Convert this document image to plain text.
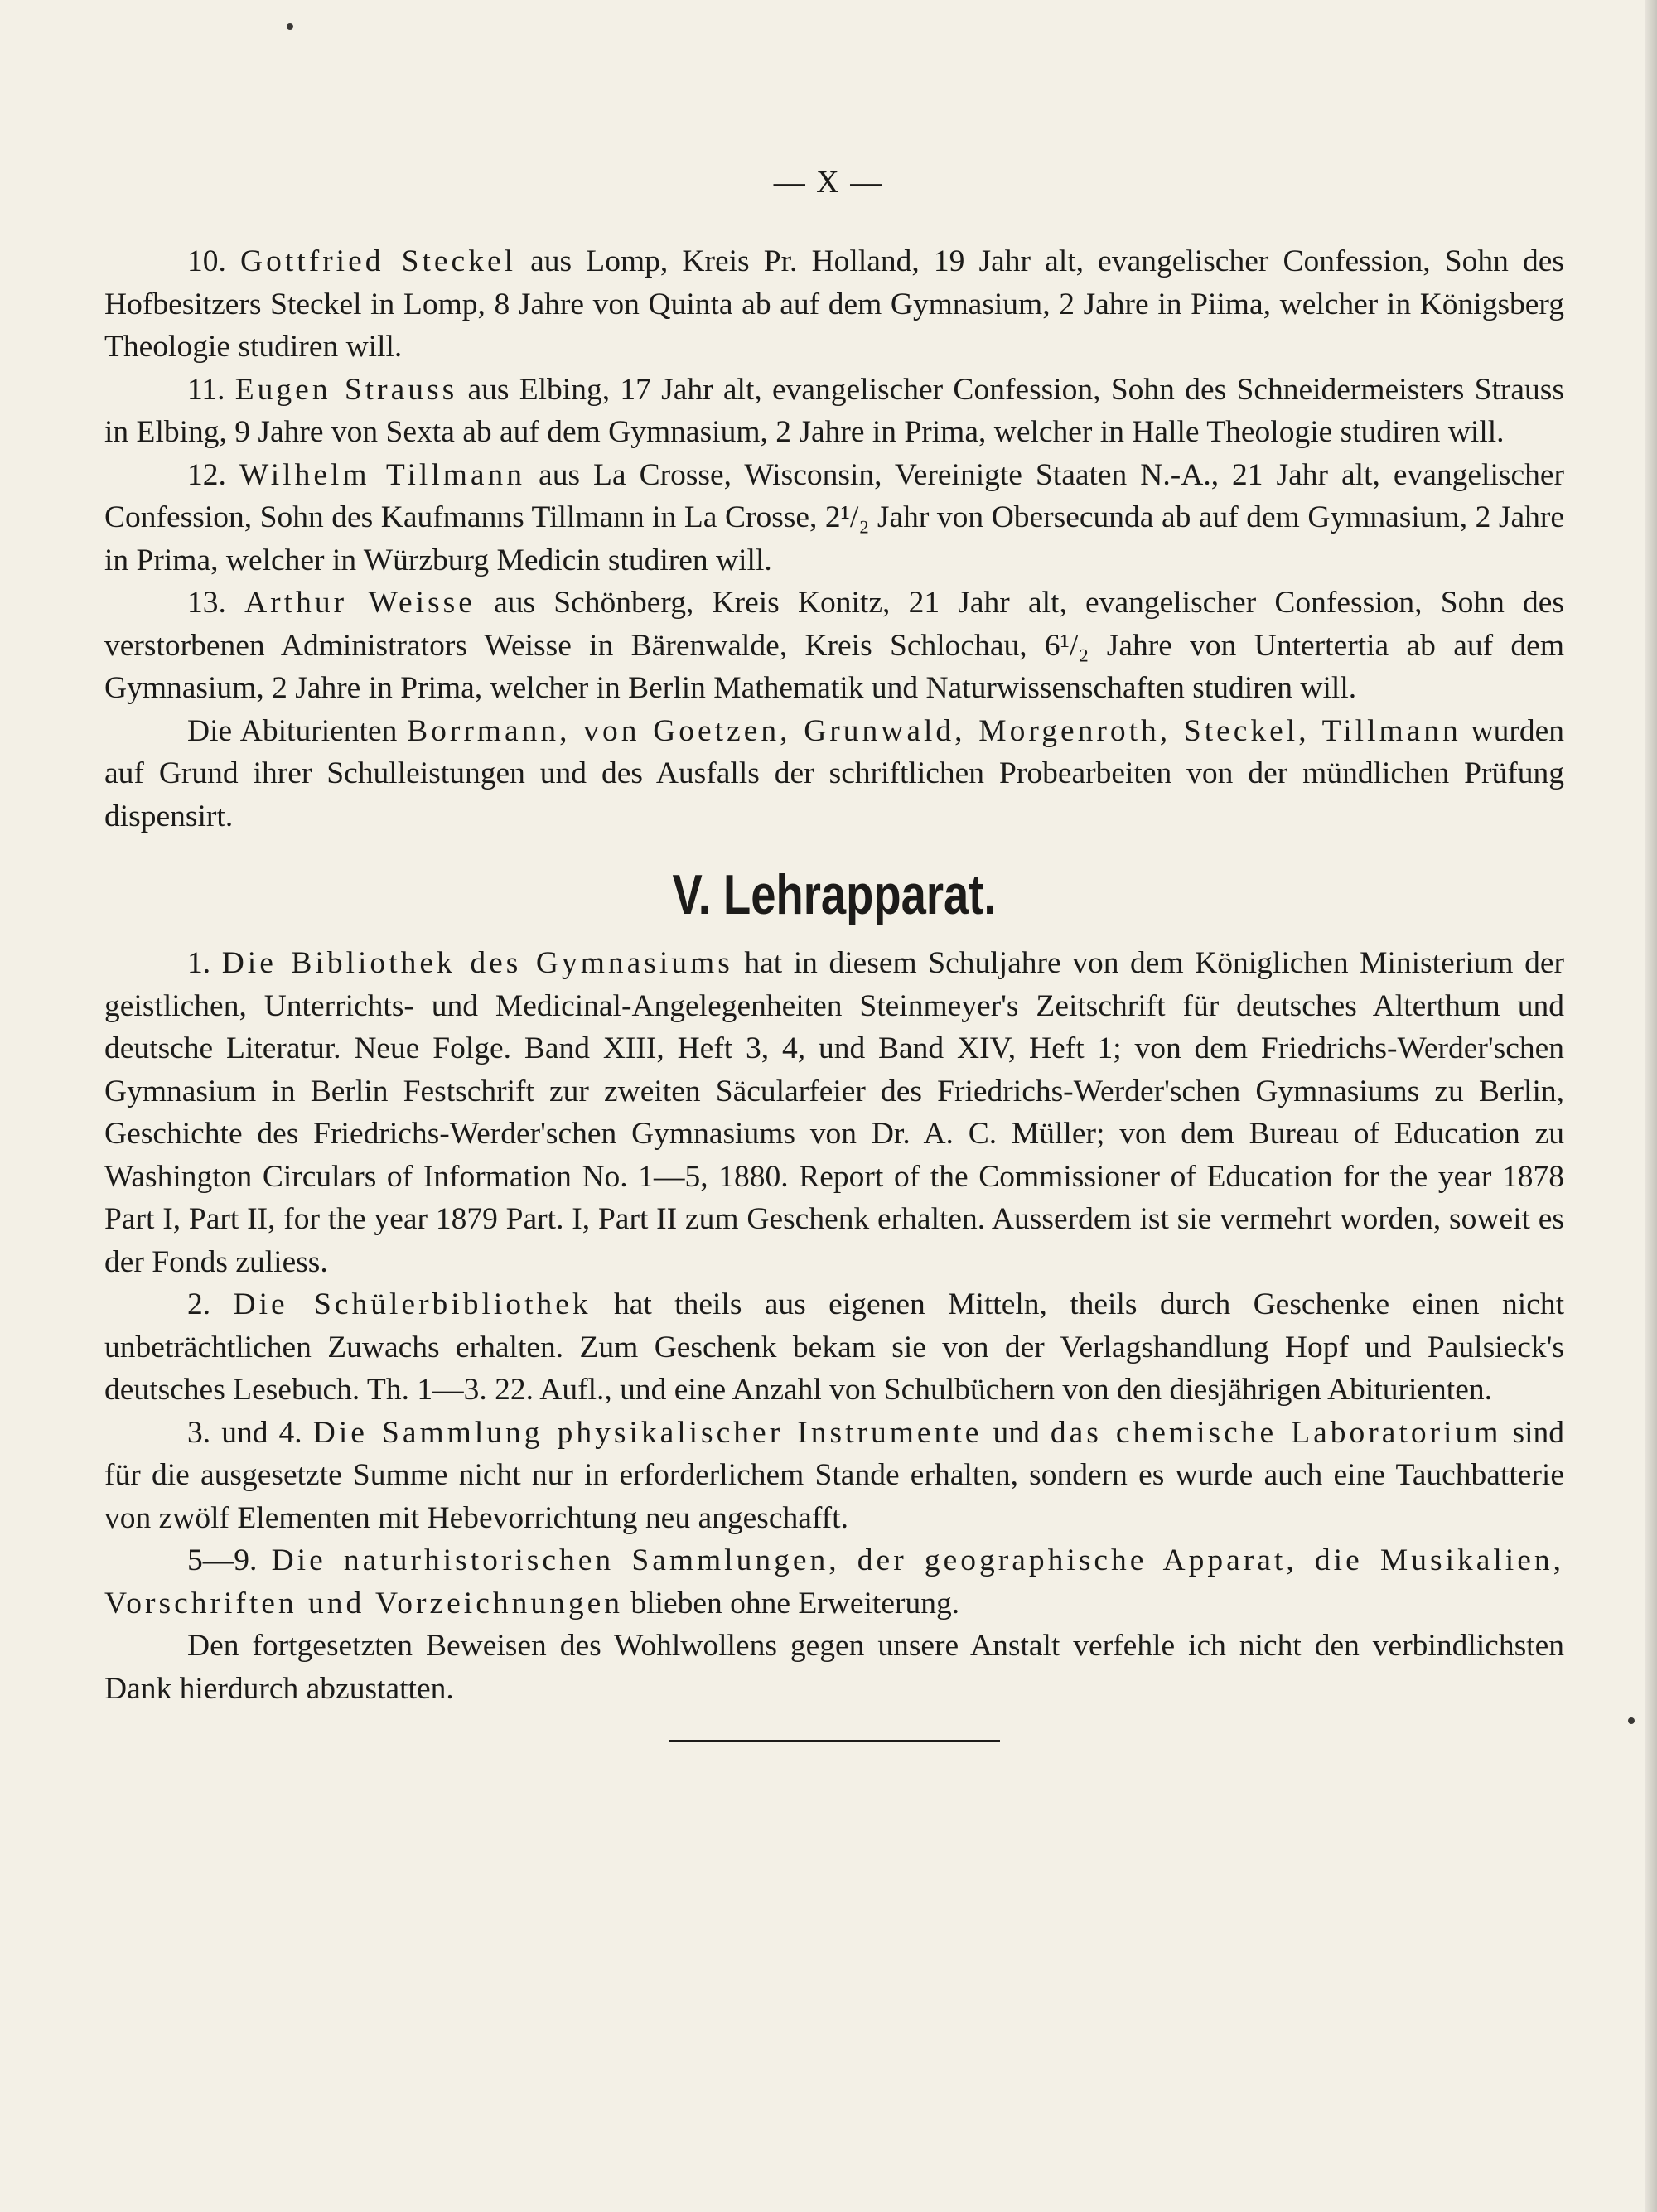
— X —

10. Gottfried Steckel aus Lomp, Kreis Pr. Holland, 19 Jahr alt, evangelischer Confession, Sohn des Hofbesitzers Steckel in Lomp, 8 Jahre von Quinta ab auf dem Gymnasium, 2 Jahre in Piima, welcher in Königsberg Theologie studiren will.

11. Eugen Strauss aus Elbing, 17 Jahr alt, evangelischer Confession, Sohn des Schneidermeisters Strauss in Elbing, 9 Jahre von Sexta ab auf dem Gymnasium, 2 Jahre in Prima, welcher in Halle Theologie studiren will.

12. Wilhelm Tillmann aus La Crosse, Wisconsin, Vereinigte Staaten N.-A., 21 Jahr alt, evangelischer Confession, Sohn des Kaufmanns Tillmann in La Crosse, 2¹/₂ Jahr von Obersecunda ab auf dem Gymnasium, 2 Jahre in Prima, welcher in Würzburg Medicin studiren will.

13. Arthur Weisse aus Schönberg, Kreis Konitz, 21 Jahr alt, evangelischer Confession, Sohn des verstorbenen Administrators Weisse in Bärenwalde, Kreis Schlochau, 6¹/₂ Jahre von Untertertia ab auf dem Gymnasium, 2 Jahre in Prima, welcher in Berlin Mathematik und Naturwissenschaften studiren will.

Die Abiturienten Borrmann, von Goetzen, Grunwald, Morgenroth, Steckel, Tillmann wurden auf Grund ihrer Schulleistungen und des Ausfalls der schriftlichen Probearbeiten von der mündlichen Prüfung dispensirt.

V. Lehrapparat.

1. Die Bibliothek des Gymnasiums hat in diesem Schuljahre von dem Königlichen Ministerium der geistlichen, Unterrichts- und Medicinal-Angelegenheiten Steinmeyer's Zeitschrift für deutsches Alterthum und deutsche Literatur. Neue Folge. Band XIII, Heft 3, 4, und Band XIV, Heft 1; von dem Friedrichs-Werder'schen Gymnasium in Berlin Festschrift zur zweiten Säcularfeier des Friedrichs-Werder'schen Gymnasiums zu Berlin, Geschichte des Friedrichs-Werder'schen Gymnasiums von Dr. A. C. Müller; von dem Bureau of Education zu Washington Circulars of Information No. 1—5, 1880. Report of the Commissioner of Education for the year 1878 Part I, Part II, for the year 1879 Part. I, Part II zum Geschenk erhalten. Ausserdem ist sie vermehrt worden, soweit es der Fonds zuliess.

2. Die Schülerbibliothek hat theils aus eigenen Mitteln, theils durch Geschenke einen nicht unbeträchtlichen Zuwachs erhalten. Zum Geschenk bekam sie von der Verlagshandlung Hopf und Paulsieck's deutsches Lesebuch. Th. 1—3. 22. Aufl., und eine Anzahl von Schulbüchern von den diesjährigen Abiturienten.

3. und 4. Die Sammlung physikalischer Instrumente und das chemische Laboratorium sind für die ausgesetzte Summe nicht nur in erforderlichem Stande erhalten, sondern es wurde auch eine Tauchbatterie von zwölf Elementen mit Hebevorrichtung neu angeschafft.

5—9. Die naturhistorischen Sammlungen, der geographische Apparat, die Musikalien, Vorschriften und Vorzeichnungen blieben ohne Erweiterung.

Den fortgesetzten Beweisen des Wohlwollens gegen unsere Anstalt verfehle ich nicht den verbindlichsten Dank hierdurch abzustatten.
